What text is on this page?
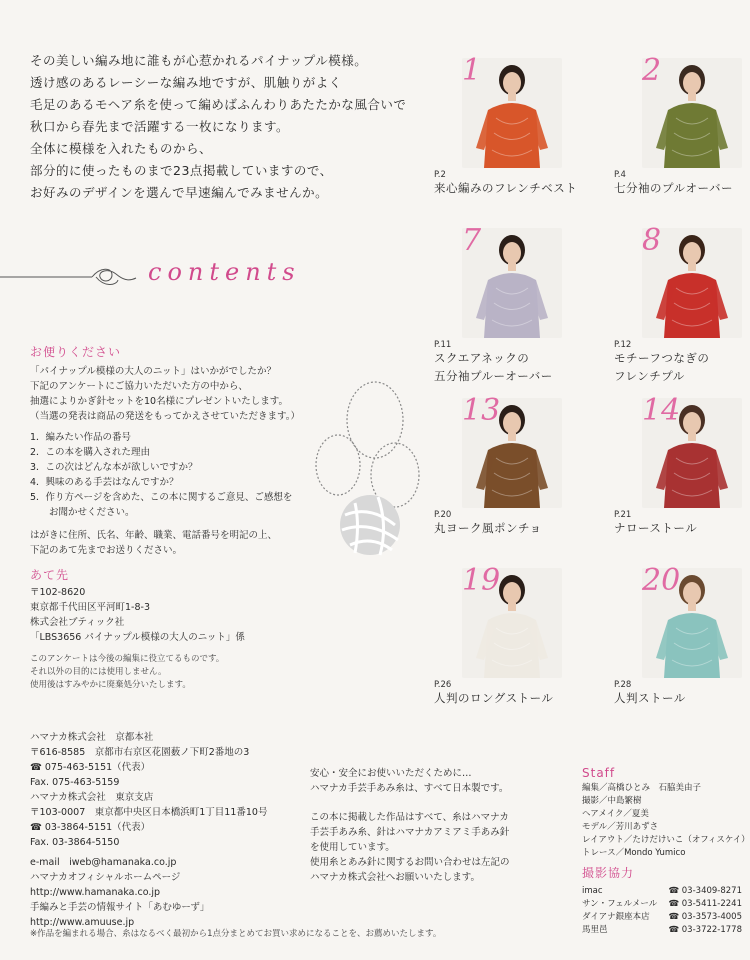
その美しい編み地に誰もが心惹かれるパイナップル模様。
透け感のあるレーシーな編み地ですが、肌触りがよく
毛足のあるモヘア糸を使って編めばふんわりあたたかな風合いで
秋口から春先まで活躍する一枚になります。
全体に模様を入れたものから、
部分的に使ったものまで23点掲載していますので、
お好みのデザインを選んで早速編んでみませんか。
contents
お便りください
「パイナップル模様の大人のニット」はいかがでしたか？
下記のアンケートにご協力いただいた方の中から、
抽選によりかぎ針セットを10名様にプレゼントいたします。
（当選の発表は商品の発送をもってかえさせていただきます。）
1．編みたい作品の番号
2．この本を購入された理由
3．この次はどんな本が欲しいですか？
4．興味のある手芸はなんですか？
5．作り方ページを含めた、この本に関するご意見、ご感想を
　　お聞かせください。
はがきに住所、氏名、年齢、職業、電話番号を明記の上、
下記のあて先までお送りください。
あて先
〒102-8620
東京都千代田区平河町1-8-3
株式会社ブティック社
「LBS3656 パイナップル模様の大人のニット」係
このアンケートは今後の編集に役立てるものです。
それ以外の目的には使用しません。
使用後はすみやかに廃棄処分いたします。
ハマナカ株式会社　京都本社
〒616-8585　京都市右京区花園薮ノ下町2番地の3
☎ 075-463-5151（代表）
Fax. 075-463-5159
ハマナカ株式会社　東京支店
〒103-0007　東京都中央区日本橋浜町1丁目11番10号
☎ 03-3864-5151（代表）
Fax. 03-3864-5150
e-mail　iweb@hamanaka.co.jp
ハマナカオフィシャルホームページ
http://www.hamanaka.co.jp
手編みと手芸の情報サイト「あむゆーず」
http://www.amuuse.jp
安心・安全にお使いいただくために…
ハマナカ手芸手あみ糸は、すべて日本製です。
この本に掲載した作品はすべて、糸はハマナカ
手芸手あみ糸、針はハマナカアミアミ手あみ針
を使用しています。
使用糸とあみ針に関するお問い合わせは左記の
ハマナカ株式会社へお願いいたします。
Staff
編集／高橋ひとみ　石脇美由子
撮影／中島繁樹
ヘアメイク／夏美
モデル／芳川あずさ
レイアウト／たけだけいこ（オフィスケイ）
トレース／Mondo Yumico
撮影協力
imac	☎ 03-3409-8271
サン・フェルメール ☎ 03-5411-2241
ダイアナ銀座本店 ☎ 03-3573-4005
馬里邑	☎ 03-3722-1778
※作品を編まれる場合、糸はなるべく最初から1点分まとめてお買い求めになることを、お薦めいたします。
1
P.2
来心編みのフレンチベスト
2
P.4
七分袖のプルオーバー
7
P.11
スクエアネックの
五分袖プルーオーバー
8
P.12
モチーフつなぎの
フレンチプル
13
P.20
丸ヨーク風ポンチョ
14
P.21
ナローストール
19
P.26
人判のロングストール
20
P.28
人判ストール
